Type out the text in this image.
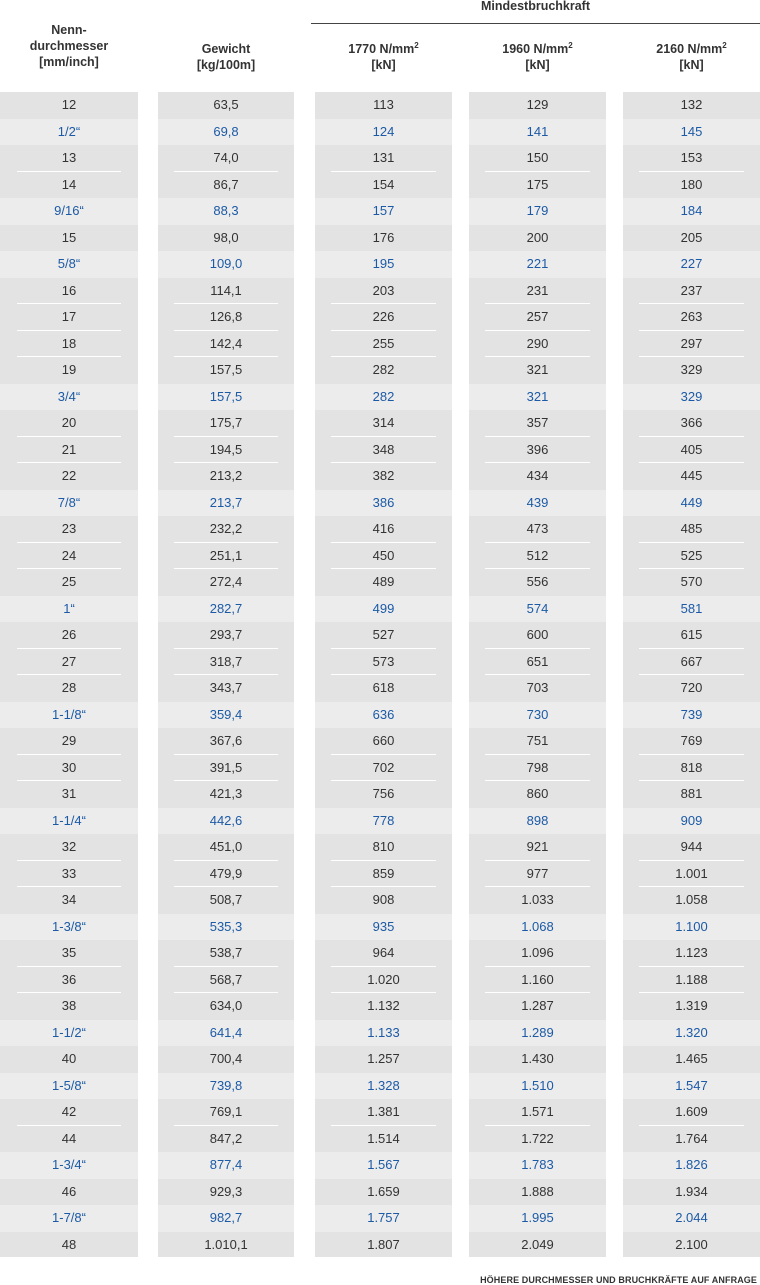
Nenn-
durchmesser
[mm/inch]
Gewicht
[kg/100m]
Mindestbruchkraft
1770 $N/mm^2$
[kN]
1960 $N/mm^2$
[kN]
2160 $N/mm^2$
[kN]
12
1/2“
13
14
9/16“
15
5/8“
16
17
18
19
3/4“
20
21
22
7/8“
23
24
25
1“
26
27
28
1-1/8“
29
30
31
1-1/4“
32
33
34
1-3/8“
35
36
38
1-1/2“
40
1-5/8“
42
44
1-3/4“
46
1-7/8“
48
63,5
69,8
74,0
86,7
88,3
98,0
109,0
114,1
126,8
142,4
157,5
157,5
175,7
194,5
213,2
213,7
232,2
251,1
272,4
282,7
293,7
318,7
343,7
359,4
367,6
391,5
421,3
442,6
451,0
479,9
508,7
535,3
538,7
568,7
634,0
641,4
700,4
739,8
769,1
847,2
877,4
929,3
982,7
1.010,1
113
124
131
154
157
176
195
203
226
255
282
282
314
348
382
386
416
450
489
499
527
573
618
636
660
702
756
778
810
859
908
935
964
1.020
1.132
1.133
1.257
1.328
1.381
1.514
1.567
1.659
1.757
1.807
129
141
150
175
179
200
221
231
257
290
321
321
357
396
434
439
473
512
556
574
600
651
703
730
751
798
860
898
921
977
1.033
1.068
1.096
1.160
1.287
1.289
1.430
1.510
1.571
1.722
1.783
1.888
1.995
2.049
132
145
153
180
184
205
227
237
263
297
329
329
366
405
445
449
485
525
570
581
615
667
720
739
769
818
881
909
944
1.001
1.058
1.100
1.123
1.188
1.319
1.320
1.465
1.547
1.609
1.764
1.826
1.934
2.044
2.100
HÖHERE DURCHMESSER UND BRUCHKRÄFTE AUF ANFRAGE
